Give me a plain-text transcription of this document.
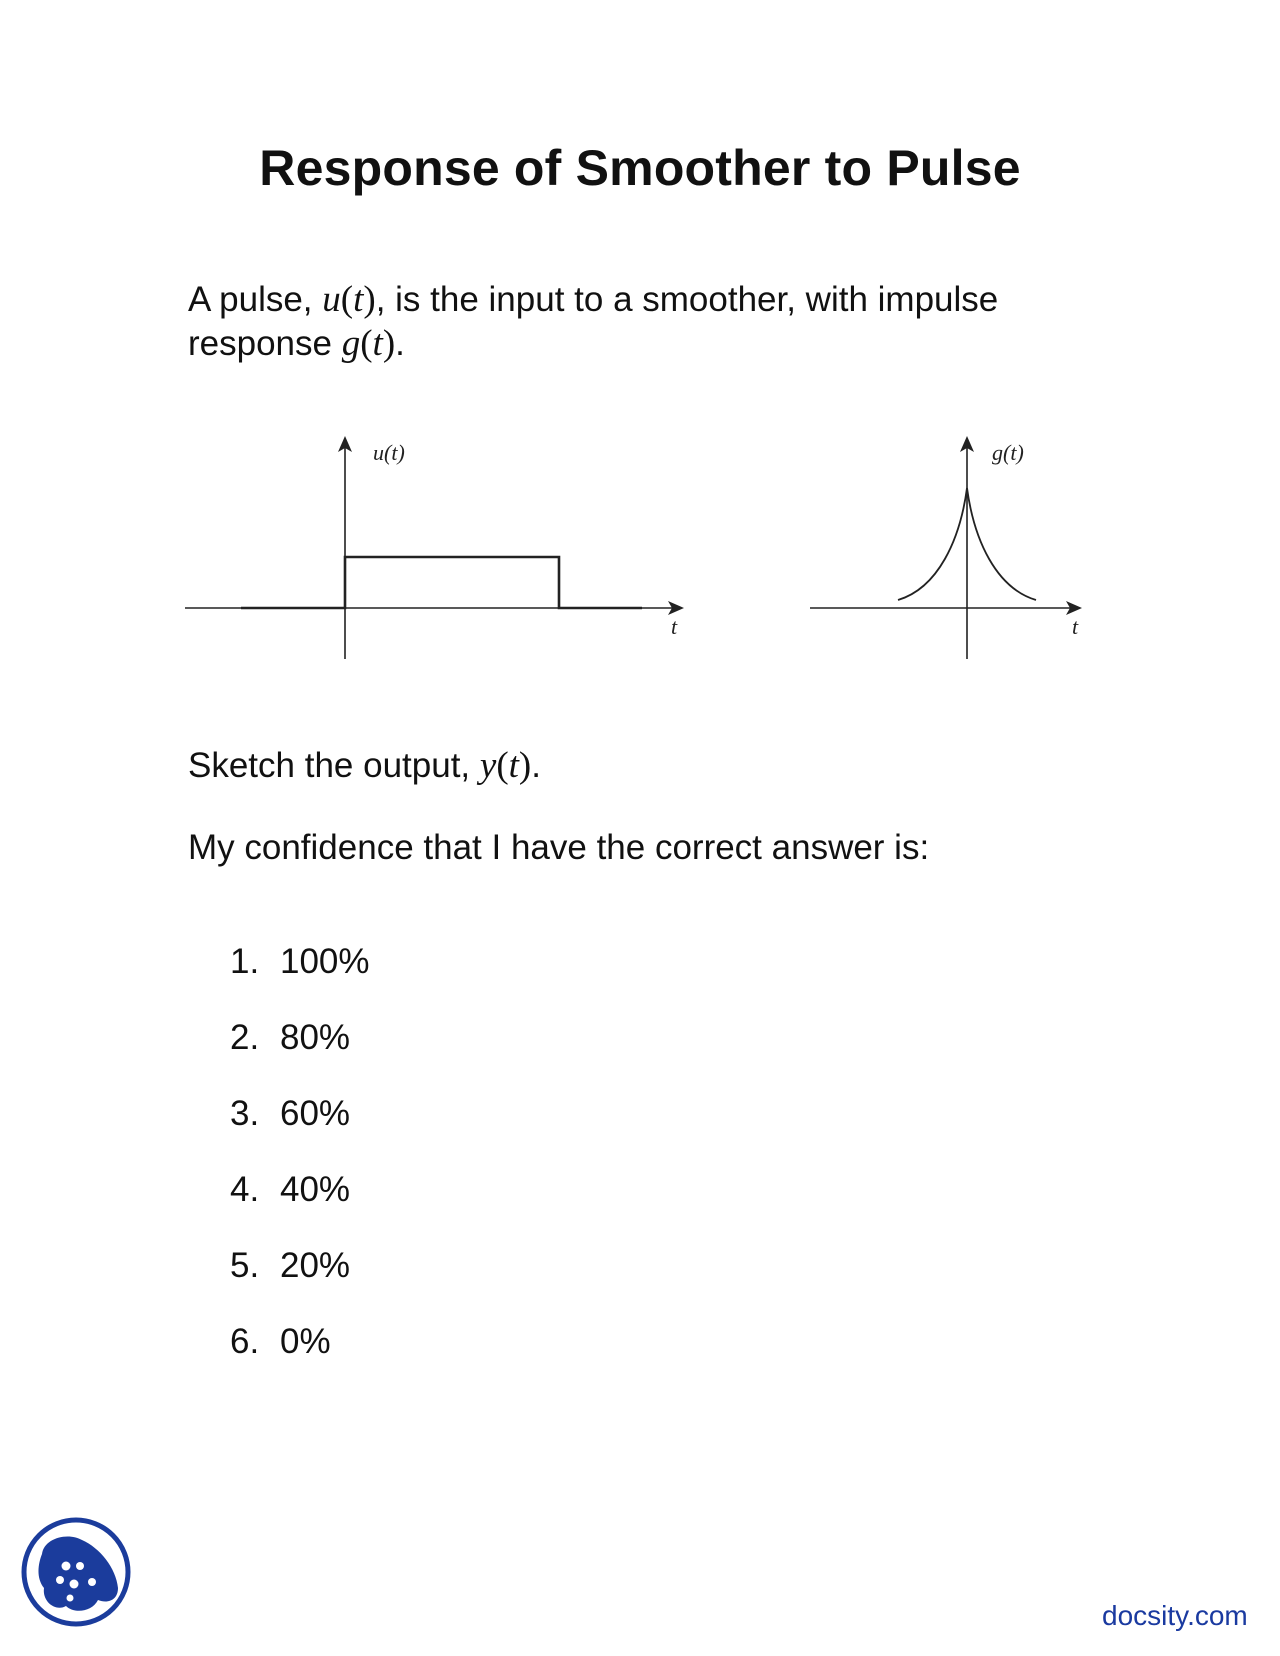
Response of Smoother to Pulse
A pulse, u(t), is the input to a smoother, with impulse
response g(t).
u(t)
t
g(t)
t
Sketch the output, y(t).
My confidence that I have the correct answer is:
1. 100%
2. 80%
3. 60%
4. 40%
5. 20%
6. 0%
docsity.com
